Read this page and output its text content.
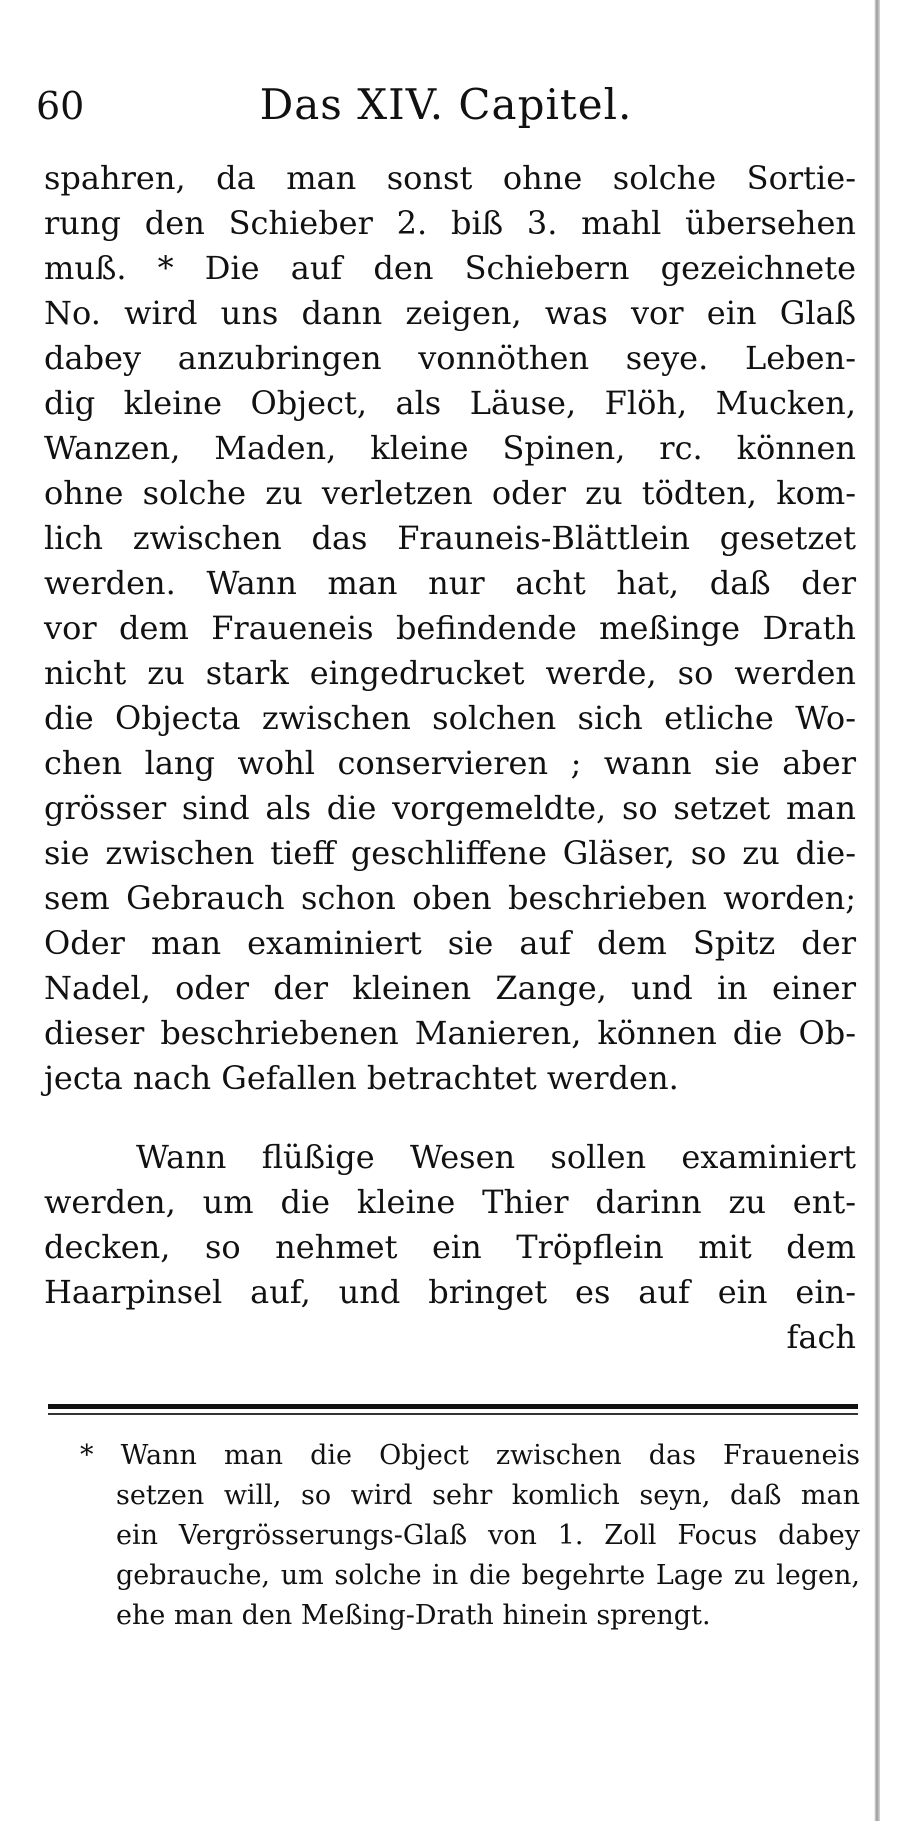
60	Das XIV. Capitel.
spahren, da man sonst ohne solche Sortie-
rung den Schieber 2. biß 3. mahl übersehen
muß. * Die auf den Schiebern gezeichnete
No. wird uns dann zeigen, was vor ein Glaß
dabey anzubringen vonnöthen seye. Leben-
dig kleine Object, als Läuse, Flöh, Mucken,
Wanzen, Maden, kleine Spinen, rc. können
ohne solche zu verletzen oder zu tödten, kom-
lich zwischen das Frauneis-Blättlein gesetzet
werden. Wann man nur acht hat, daß der
vor dem Fraueneis befindende meßinge Drath
nicht zu stark eingedrucket werde, so werden
die Objecta zwischen solchen sich etliche Wo-
chen lang wohl conservieren ; wann sie aber
grösser sind als die vorgemeldte, so setzet man
sie zwischen tieff geschliffene Gläser, so zu die-
sem Gebrauch schon oben beschrieben worden;
Oder man examiniert sie auf dem Spitz der
Nadel, oder der kleinen Zange, und in einer
dieser beschriebenen Manieren, können die Ob-
jecta nach Gefallen betrachtet werden.
Wann flüßige Wesen sollen examiniert
werden, um die kleine Thier darinn zu ent-
decken, so nehmet ein Tröpflein mit dem
Haarpinsel auf, und bringet es auf ein ein-
fach
* Wann man die Object zwischen das Fraueneis
setzen will, so wird sehr komlich seyn, daß man
ein Vergrösserungs-Glaß von 1. Zoll Focus dabey
gebrauche, um solche in die begehrte Lage zu legen,
ehe man den Meßing-Drath hinein sprengt.
